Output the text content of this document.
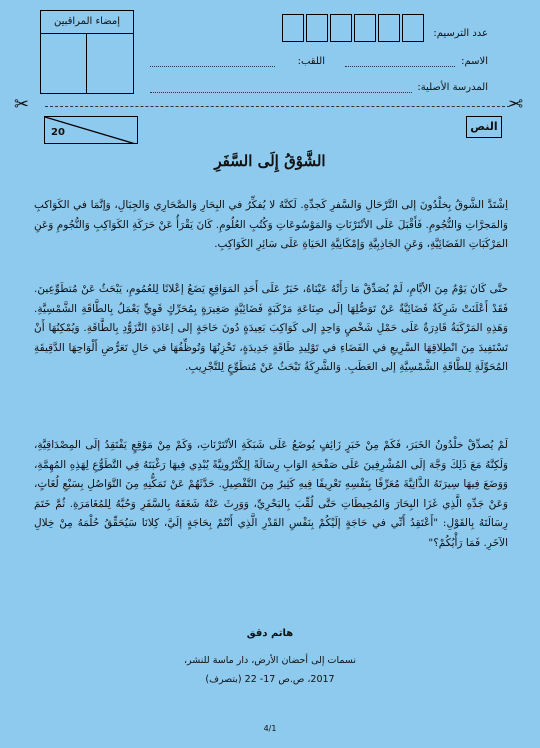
إمضاء المراقبين
عدد الترسيم:
الاسم:
اللقب:
المدرسة الأصلية:
✂	✂
20	النص
الشَّوْقُ إِلَى السَّفَرِ
اِشْتَدَّ الشَّوقُ بِخلْدُونَ إلى التَّرْحَالِ وَالسَّفرِ كَجدِّهِ. لَكنَّهُ لا يُفكِّرُ في البِحَارِ وَالصَّحَارِي وَالجِبَالِ، وَإنَّمَا في الكَوَاكبِ وَالمَجرَّاتِ وَالنُّجُومِ. فَأَقْبَلَ عَلَى الأنْتَرْنَاتِ وَالمَوْسُوعَاتِ وَكُتُبِ العُلُومِ. كَانَ يَقْرَأُ عَنْ حَرَكَةِ الكَوَاكِبِ وَالنُّجُومِ وَعَنِ المَرْكَبَاتِ الفَضَائِيَّةِ، وَعَنِ الجَاذِبِيَّةِ وَإمْكَانِيَّةِ الحَيَاةِ عَلَى سَائِرِ الكَوَاكِبِ.
حتَّى كَانَ يَوْمٌ مِنَ الأيَّامِ، لَمْ يُصَدِّقْ مَا رَأَتْهُ عَيْنَاهُ، خَبَرٌ عَلَى أَحَدِ المَوَاقِعِ يَضَعُ إعْلانًا لِلعُمُومِ، يَبْحَثُ عَنْ مُتطَوِّعِينَ. فَقَدْ أَعْلَنَتْ شَرِكَةٌ فَضَائِيَّةٌ عَنْ تَوَصُّلِهَا إلَى صِنَاعَةِ مَرْكَبَةٍ فَضَائِيَّةٍ صَغِيرَةٍ بِمُحَرِّكٍ قَوِيٍّ يَعْمَلُ بِالطَّاقَةِ الشَّمْسِيَّةِ. وَهَذِهِ المَرْكَبَةُ قَادِرَةٌ عَلَى حَمْلِ شَخْصٍ وَاحِدٍ إلى كَوَاكِبَ بَعِيدَةٍ دُونَ حَاجَةٍ إلى إعَادَةِ التَّزَوُّدِ بِالطَّاقَةِ. وَيُمْكِنُهَا أَنْ تَسْتَفِيدَ مِنَ انْطِلاقِهَا السَّرِيعِ في الفَضَاءِ في تَوْلِيدِ طَاقَةٍ جَدِيدَةٍ، تَخْزِنُهَا وَتُوظِّفُهَا في حَالِ تَعَرُّضِ أَلْوَاحِهَا الدَّقِيقَةِ المُحَوِّلَةِ لِلطَّاقَةِ الشَّمْسِيَّةِ إلى العَطَبِ. وَالشَّرِكَةُ تَبْحَثُ عَنْ مُتطَوِّعٍ لِلتَّجْرِيبِ.
لَمْ يُصدِّقْ خلْدُونُ الخَبَرَ، فَكَمْ مِنْ خَبَرٍ زَائِفٍ يُوضَعُ عَلَى شَبَكَةِ الأنْتَرْنَاتِ، وَكَمْ مِنْ مَوْقِعٍ يَفْتَقِدُ إلَى المِصْدَاقِيَّةِ، وَلَكِنَّهُ مَعَ ذَلِكَ وَجَّهَ إلَى المُشْرِفِينَ عَلَى صَفْحَةِ الوَابِ رِسَالَةً إلِكْتْرُونِيَّةً يُبْدِي فِيهَا رَغْبَتَهُ فِي التَّطَوُّعِ لِهَذِهِ المُهِمَّةِ، وَوَضَعَ فِيهَا سِيرَتَهُ الذَّاتِيَّةَ مُعَرِّفًا بِنَفْسِهِ تَعْرِيفًا فِيهِ كَثِيرٌ مِنَ التَّفْصِيلِ. حَدَّثَهُمْ عَنْ تَمَكُّنِهِ مِنَ التَّوَاصُلِ بِسَبْعِ لُغَاتٍ، وَعَنْ جَدِّهِ الَّذِي غَزَا البِحَارَ وَالمُحِيطَاتِ حَتَّى لُقِّبَ بِالبَحْرِيِّ، وَوَرِثَ عَنْهُ شَغَفَهُ بِالسَّفَرِ وَحُبَّهُ لِلمُغَامَرَةِ. ثُمَّ خَتَمَ رِسَالَتَهُ بِالقَوْلِ: "أَعْتَقِدُ أَنِّي في حَاجَةٍ إلَيْكُمْ بِنَفْسِ القَدْرِ الَّذِي أَنْتُمْ بِحَاجَةٍ إلَيَّ، كِلانَا سَيُحَقِّقُ حُلْمَهُ مِنْ خِلالِ الآخَرِ. فَمَا رَأْيُكُمْ؟"
هاتم دقق
نسمات إلى أحضان الأرض، دار ماسة للنشر،
2017، ص.ص 17- 22 (بتصرف)
4/1
